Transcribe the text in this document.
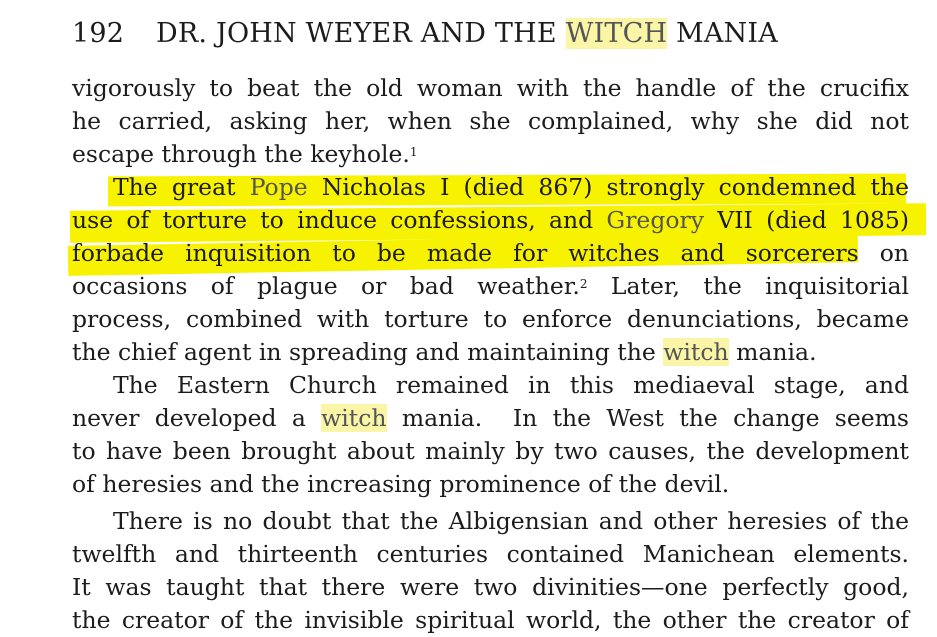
192 DR. JOHN WEYER AND THE WITCH MANIA
vigorously to beat the old woman with the handle of the crucifix
he carried, asking her, when she complained, why she did not
escape through the keyhole.$^1$
The great Pope Nicholas I (died 867) strongly condemned the
use of torture to induce confessions, and Gregory VII (died 1085)
forbade inquisition to be made for witches and sorcerers on
occasions of plague or bad weather.$^2$ Later, the inquisitorial
process, combined with torture to enforce denunciations, became
the chief agent in spreading and maintaining the witch mania.
The Eastern Church remained in this mediaeval stage, and
never developed a witch mania.  In the West the change seems
to have been brought about mainly by two causes, the development
of heresies and the increasing prominence of the devil.
There is no doubt that the Albigensian and other heresies of the
twelfth and thirteenth centuries contained Manichean elements.
It was taught that there were two divinities—one perfectly good,
the creator of the invisible spiritual world, the other the creator of
